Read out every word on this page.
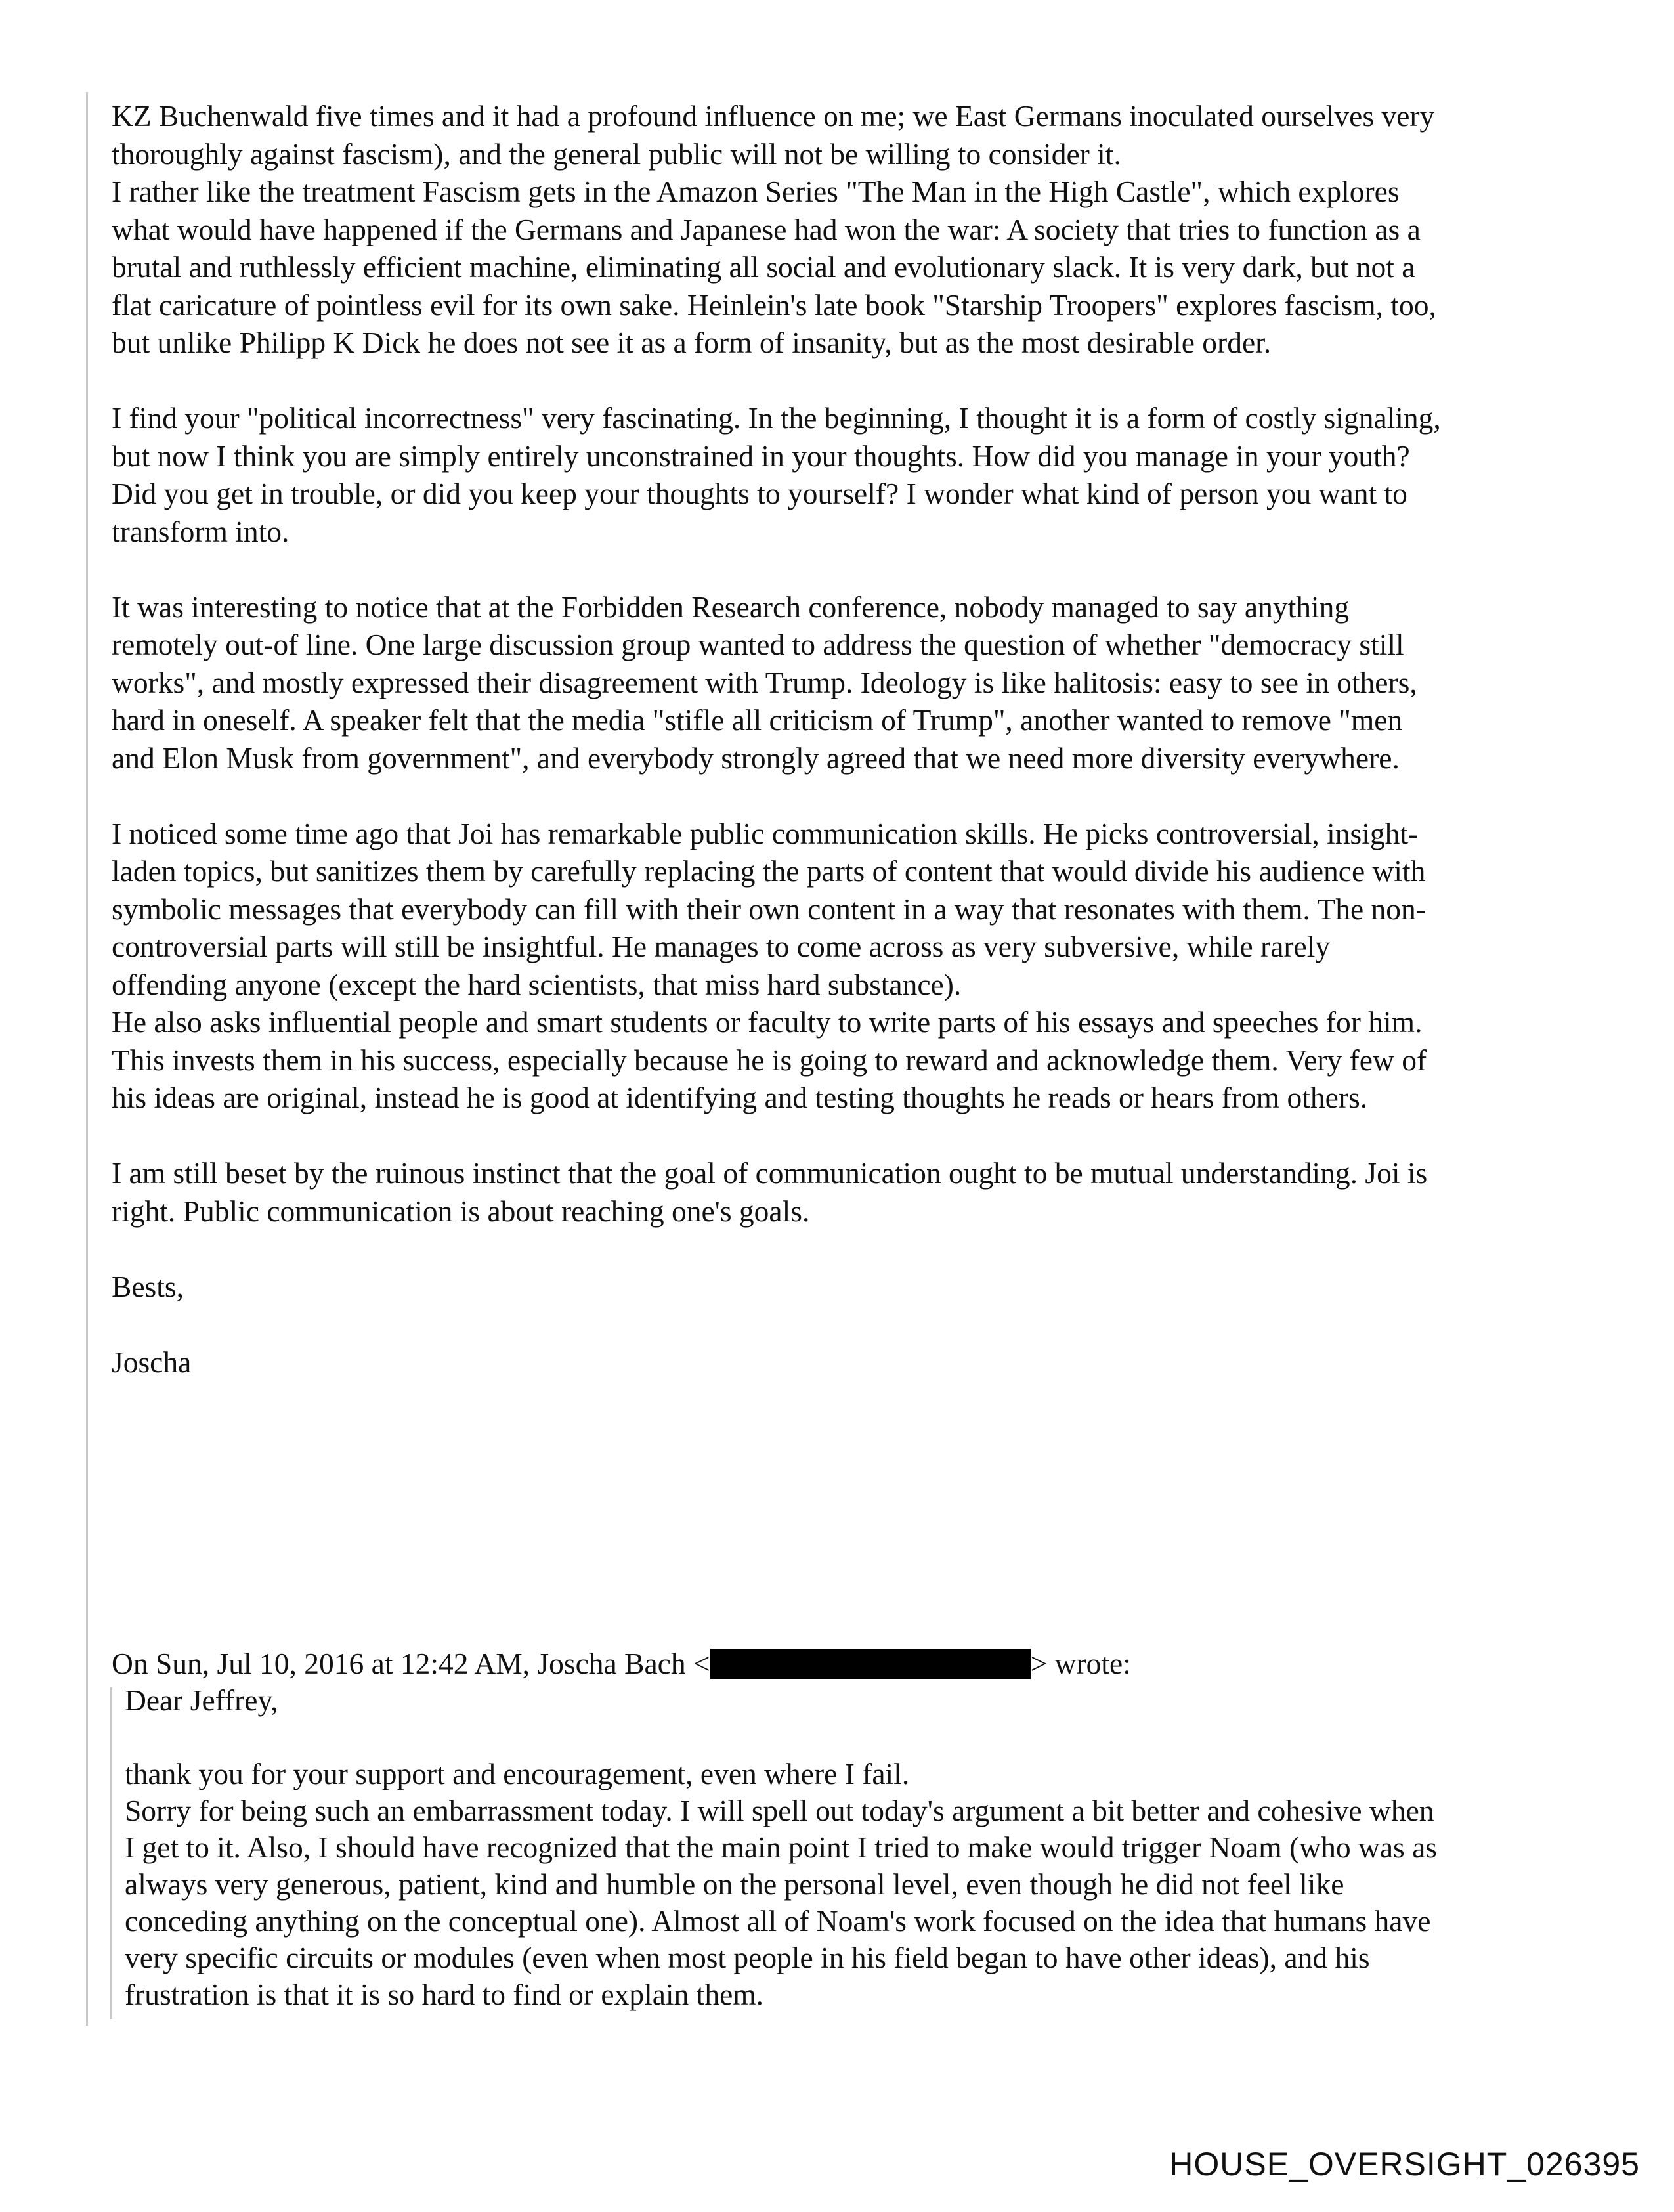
KZ Buchenwald five times and it had a profound influence on me; we East Germans inoculated ourselves very
thoroughly against fascism), and the general public will not be willing to consider it.
I rather like the treatment Fascism gets in the Amazon Series "The Man in the High Castle", which explores
what would have happened if the Germans and Japanese had won the war: A society that tries to function as a
brutal and ruthlessly efficient machine, eliminating all social and evolutionary slack. It is very dark, but not a
flat caricature of pointless evil for its own sake. Heinlein's late book "Starship Troopers" explores fascism, too,
but unlike Philipp K Dick he does not see it as a form of insanity, but as the most desirable order.

I find your "political incorrectness" very fascinating. In the beginning, I thought it is a form of costly signaling,
but now I think you are simply entirely unconstrained in your thoughts. How did you manage in your youth?
Did you get in trouble, or did you keep your thoughts to yourself? I wonder what kind of person you want to
transform into.

It was interesting to notice that at the Forbidden Research conference, nobody managed to say anything
remotely out-of line. One large discussion group wanted to address the question of whether "democracy still
works", and mostly expressed their disagreement with Trump. Ideology is like halitosis: easy to see in others,
hard in oneself. A speaker felt that the media "stifle all criticism of Trump", another wanted to remove "men
and Elon Musk from government", and everybody strongly agreed that we need more diversity everywhere.

I noticed some time ago that Joi has remarkable public communication skills. He picks controversial, insight-
laden topics, but sanitizes them by carefully replacing the parts of content that would divide his audience with
symbolic messages that everybody can fill with their own content in a way that resonates with them. The non-
controversial parts will still be insightful. He manages to come across as very subversive, while rarely
offending anyone (except the hard scientists, that miss hard substance).
He also asks influential people and smart students or faculty to write parts of his essays and speeches for him.
This invests them in his success, especially because he is going to reward and acknowledge them. Very few of
his ideas are original, instead he is good at identifying and testing thoughts he reads or hears from others.

I am still beset by the ruinous instinct that the goal of communication ought to be mutual understanding. Joi is
right. Public communication is about reaching one's goals.

Bests,

Joscha

On Sun, Jul 10, 2016 at 12:42 AM, Joscha Bach <	> wrote:

Dear Jeffrey,

thank you for your support and encouragement, even where I fail.
Sorry for being such an embarrassment today. I will spell out today's argument a bit better and cohesive when
I get to it. Also, I should have recognized that the main point I tried to make would trigger Noam (who was as
always very generous, patient, kind and humble on the personal level, even though he did not feel like
conceding anything on the conceptual one). Almost all of Noam's work focused on the idea that humans have
very specific circuits or modules (even when most people in his field began to have other ideas), and his
frustration is that it is so hard to find or explain them.

HOUSE_OVERSIGHT_026395
